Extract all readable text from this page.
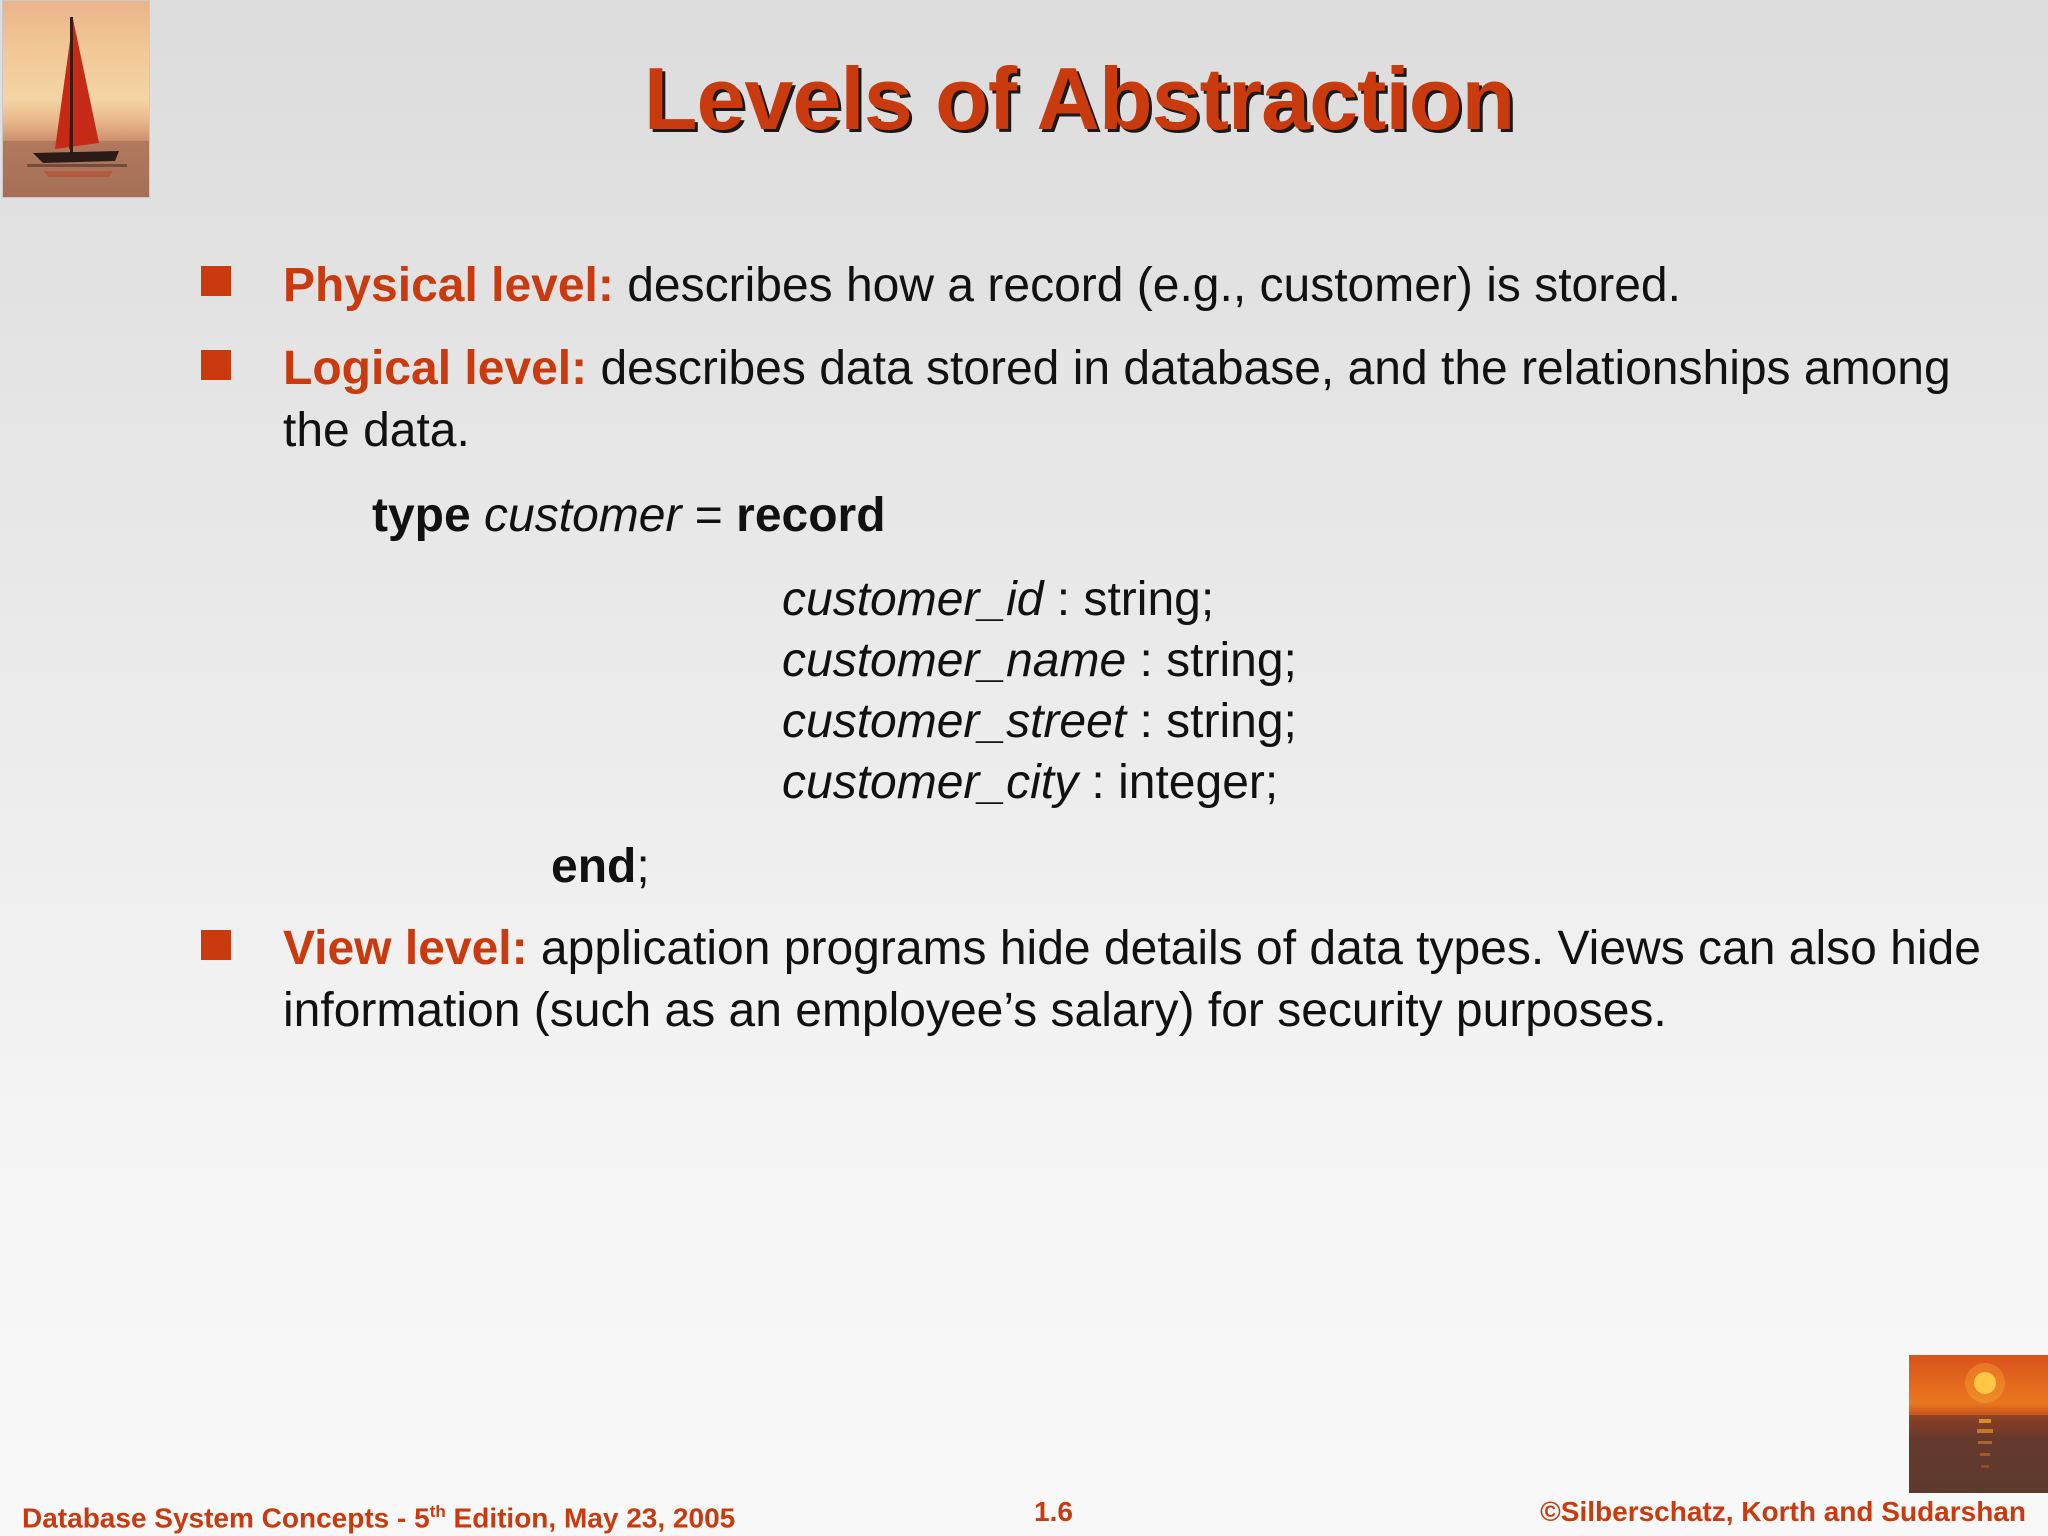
Levels of Abstraction
Physical level: describes how a record (e.g., customer) is stored.
Logical level: describes data stored in database, and the relationships among the data.
type customer = record
customer_id : string;
customer_name : string;
customer_street : string;
customer_city : integer;
end;
View level: application programs hide details of data types. Views can also hide information (such as an employee’s salary) for security purposes.
Database System Concepts - 5th Edition, May 23, 2005	1.6	©Silberschatz, Korth and Sudarshan
